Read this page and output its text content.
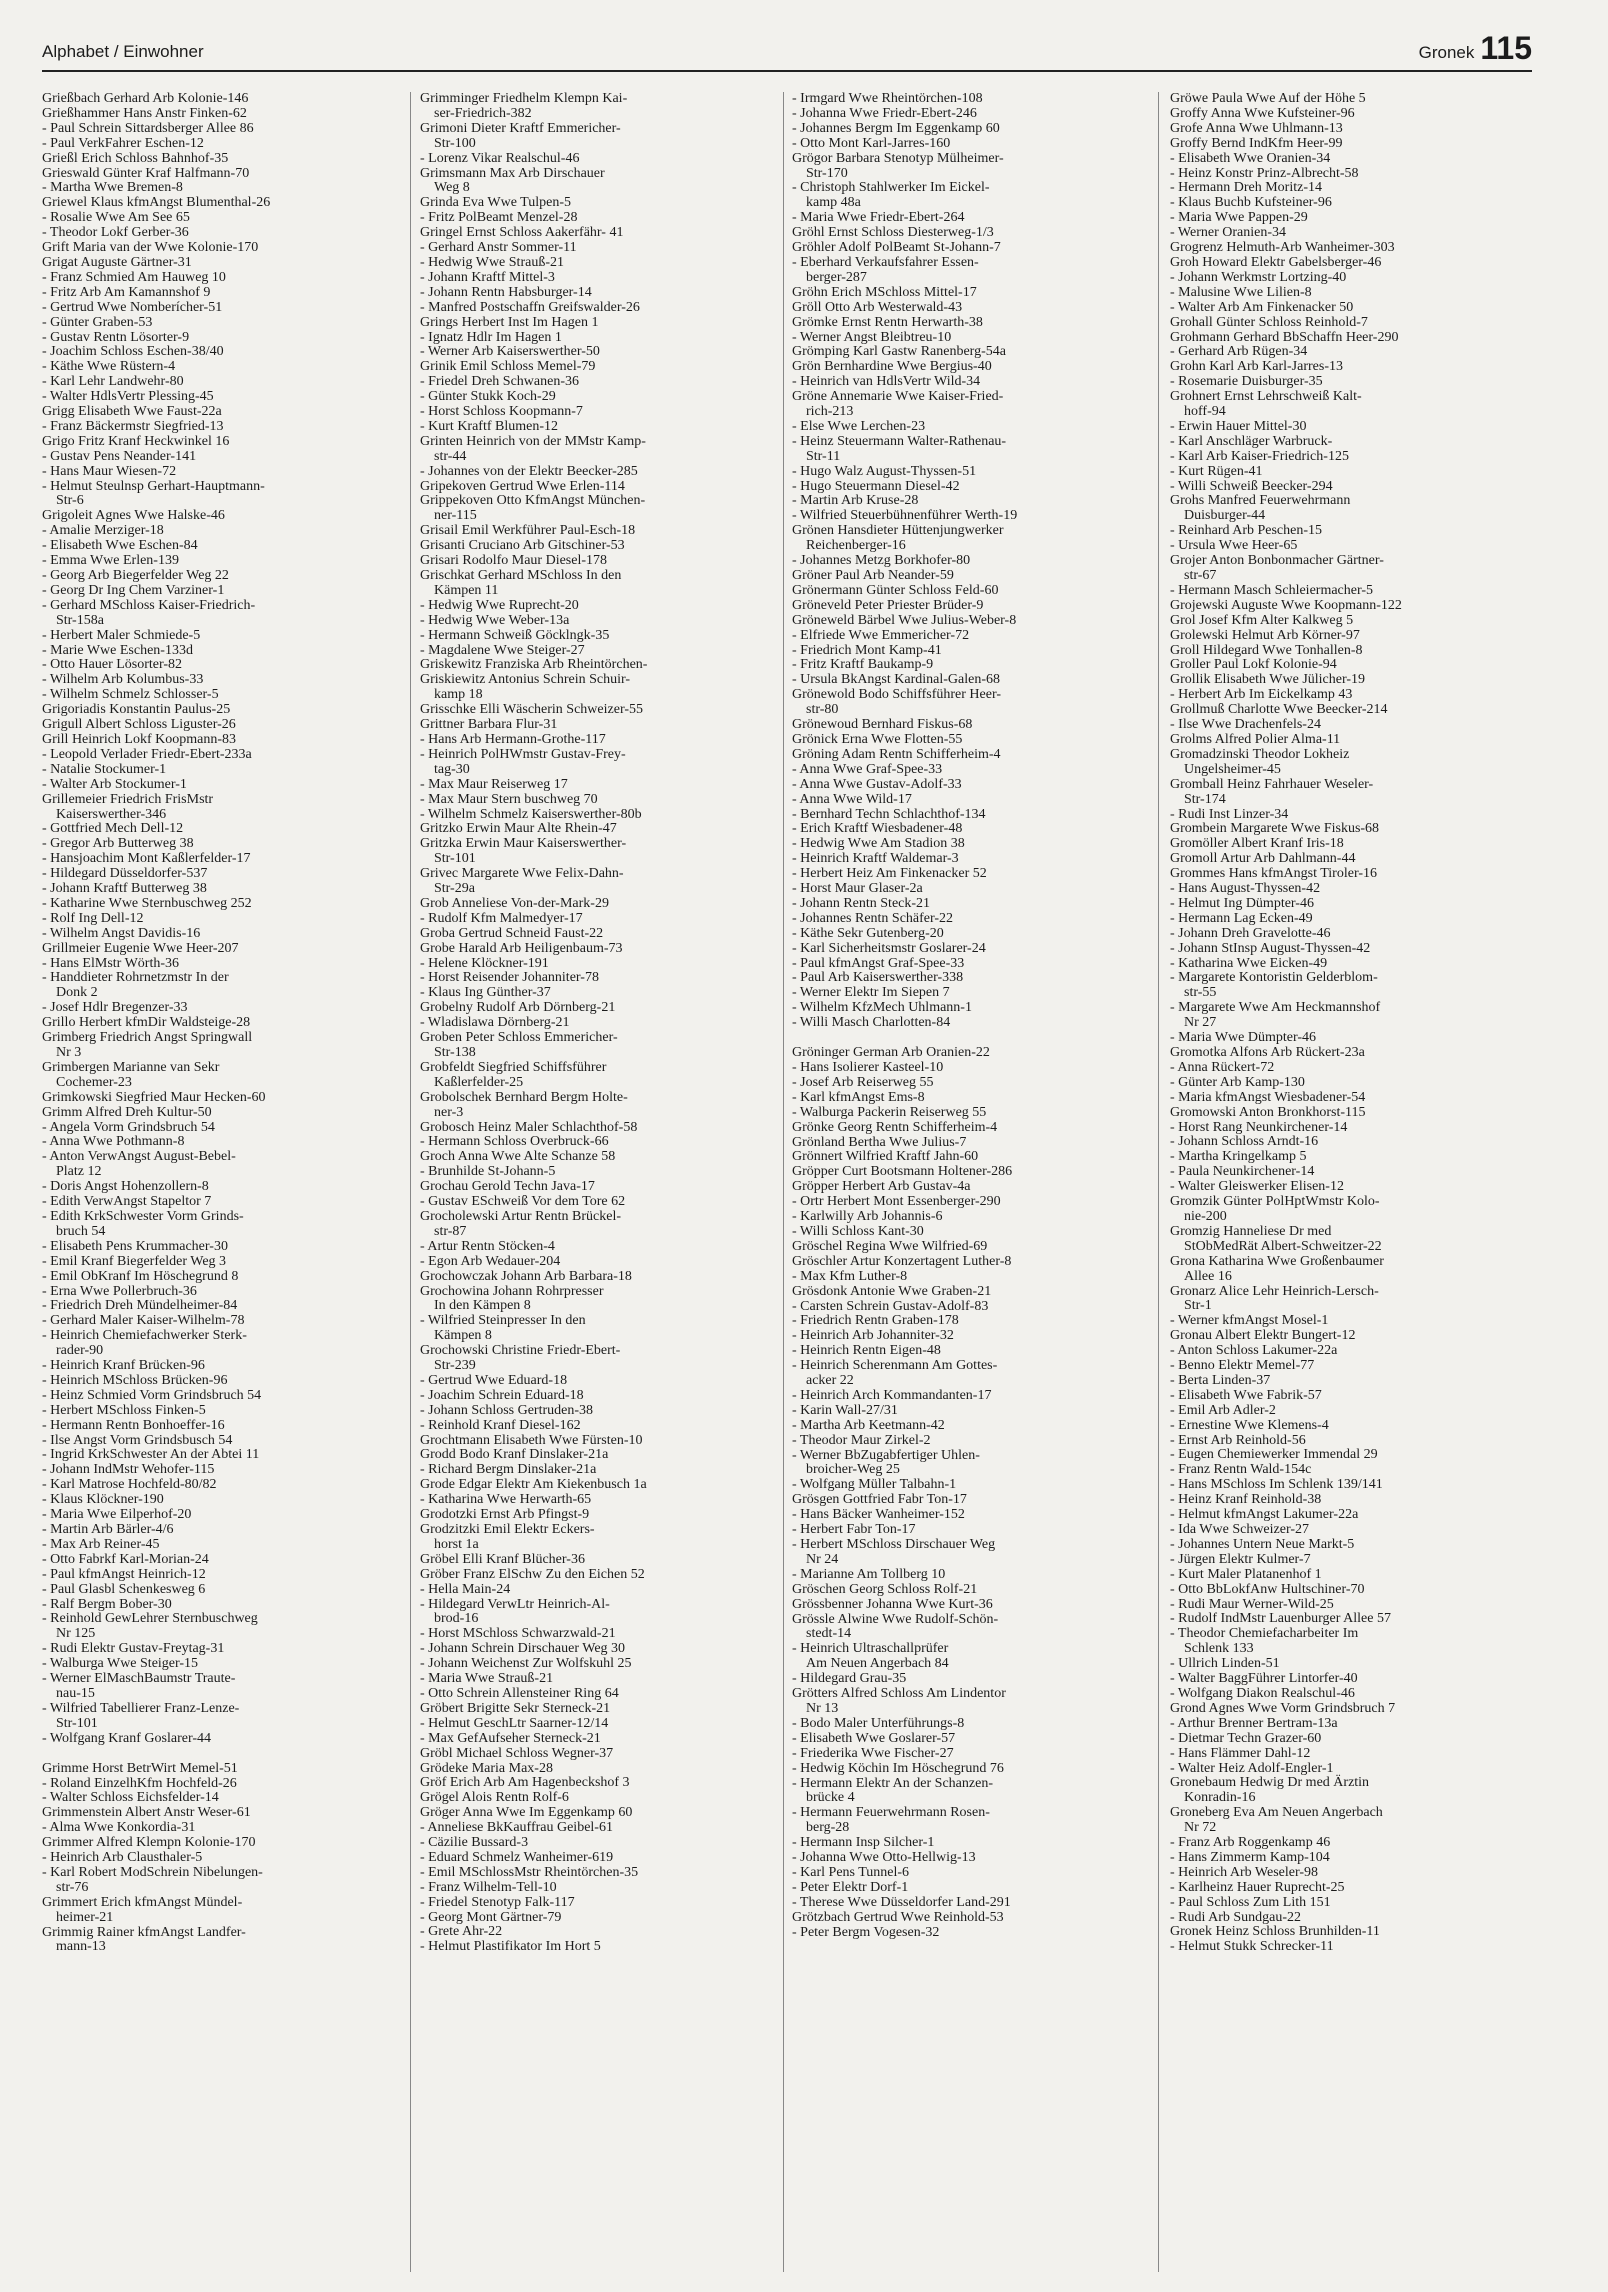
Alphabet / Einwohner	Gronek 115
Grießbach Gerhard Arb Kolonie-146
Grießhammer Hans Anstr Finken-62
- Paul Schrein Sittardsberger Allee 86
- Paul VerkFahrer Eschen-12
Grießl Erich Schloss Bahnhof-35
Grieswald Günter Kraf Halfmann-70
- Martha Wwe Bremen-8
Griewel Klaus kfmAngst Blumenthal-26
- Rosalie Wwe Am See 65
- Theodor Lokf Gerber-36
Grift Maria van der Wwe Kolonie-170
Grigat Auguste Gärtner-31
- Franz Schmied Am Hauweg 10
- Fritz Arb Am Kamannshof 9
- Gertrud Wwe Nomberícher-51
- Günter Graben-53
- Gustav Rentn Lösorter-9
- Joachim Schloss Eschen-38/40
- Käthe Wwe Rüstern-4
- Karl Lehr Landwehr-80
- Walter HdlsVertr Plessing-45
Grigg Elisabeth Wwe Faust-22a
- Franz Bäckermstr Siegfried-13
Grigo Fritz Kranf Heckwinkel 16
- Gustav Pens Neander-141
- Hans Maur Wiesen-72
- Helmut Steulnsp Gerhart-Hauptmann-
Str-6
Grigoleit Agnes Wwe Halske-46
- Amalie Merziger-18
- Elisabeth Wwe Eschen-84
- Emma Wwe Erlen-139
- Georg Arb Biegerfelder Weg 22
- Georg Dr Ing Chem Varziner-1
- Gerhard MSchloss Kaiser-Friedrich-
Str-158a
- Herbert Maler Schmiede-5
- Marie Wwe Eschen-133d
- Otto Hauer Lösorter-82
- Wilhelm Arb Kolumbus-33
- Wilhelm Schmelz Schlosser-5
Grigoriadis Konstantin Paulus-25
Grigull Albert Schloss Liguster-26
Grill Heinrich Lokf Koopmann-83
- Leopold Verlader Friedr-Ebert-233a
- Natalie Stockumer-1
- Walter Arb Stockumer-1
Grillemeier Friedrich FrisMstr
Kaiserswerther-346
- Gottfried Mech Dell-12
- Gregor Arb Butterweg 38
- Hansjoachim Mont Kaßlerfelder-17
- Hildegard Düsseldorfer-537
- Johann Kraftf Butterweg 38
- Katharine Wwe Sternbuschweg 252
- Rolf Ing Dell-12
- Wilhelm Angst Davidis-16
Grillmeier Eugenie Wwe Heer-207
- Hans ElMstr Wörth-36
- Handdieter Rohrnetzmstr In der
Donk 2
- Josef Hdlr Bregenzer-33
Grillo Herbert kfmDir Waldsteige-28
Grimberg Friedrich Angst Springwall
Nr 3
Grimbergen Marianne van Sekr
Cochemer-23
Grimkowski Siegfried Maur Hecken-60
Grimm Alfred Dreh Kultur-50
- Angela Vorm Grindsbruch 54
- Anna Wwe Pothmann-8
- Anton VerwAngst August-Bebel-
Platz 12
- Doris Angst Hohenzollern-8
- Edith VerwAngst Stapeltor 7
- Edith KrkSchwester Vorm Grinds-
bruch 54
- Elisabeth Pens Krummacher-30
- Emil Kranf Biegerfelder Weg 3
- Emil ObKranf Im Höschegrund 8
- Erna Wwe Pollerbruch-36
- Friedrich Dreh Mündelheimer-84
- Gerhard Maler Kaiser-Wilhelm-78
- Heinrich Chemiefachwerker Sterk-
rader-90
- Heinrich Kranf Brücken-96
- Heinrich MSchloss Brücken-96
- Heinz Schmied Vorm Grindsbruch 54
- Herbert MSchloss Finken-5
- Hermann Rentn Bonhoeffer-16
- Ilse Angst Vorm Grindsbusch 54
- Ingrid KrkSchwester An der Abtei 11
- Johann IndMstr Wehofer-115
- Karl Matrose Hochfeld-80/82
- Klaus Klöckner-190
- Maria Wwe Eilperhof-20
- Martin Arb Bärler-4/6
- Max Arb Reiner-45
- Otto Fabrkf Karl-Morian-24
- Paul kfmAngst Heinrich-12
- Paul Glasbl Schenkesweg 6
- Ralf Bergm Bober-30
- Reinhold GewLehrer Sternbuschweg
Nr 125
- Rudi Elektr Gustav-Freytag-31
- Walburga Wwe Steiger-15
- Werner ElMaschBaumstr Traute-
nau-15
- Wilfried Tabellierer Franz-Lenze-
Str-101
- Wolfgang Kranf Goslarer-44
Grimme Horst BetrWirt Memel-51
- Roland EinzelhKfm Hochfeld-26
- Walter Schloss Eichsfelder-14
Grimmenstein Albert Anstr Weser-61
- Alma Wwe Konkordia-31
Grimmer Alfred Klempn Kolonie-170
- Heinrich Arb Clausthaler-5
- Karl Robert ModSchrein Nibelungen-
str-76
Grimmert Erich kfmAngst Mündel-
heimer-21
Grimmig Rainer kfmAngst Landfer-
mann-13
Grimminger Friedhelm Klempn Kai-
ser-Friedrich-382
Grimoni Dieter Kraftf Emmericher-
Str-100
- Lorenz Vikar Realschul-46
Grimsmann Max Arb Dirschauer
Weg 8
Grinda Eva Wwe Tulpen-5
- Fritz PolBeamt Menzel-28
Gringel Ernst Schloss Aakerfähr- 41
- Gerhard Anstr Sommer-11
- Hedwig Wwe Strauß-21
- Johann Kraftf Mittel-3
- Johann Rentn Habsburger-14
- Manfred Postschaffn Greifswalder-26
Grings Herbert Inst Im Hagen 1
- Ignatz Hdlr Im Hagen 1
- Werner Arb Kaiserswerther-50
Grinik Emil Schloss Memel-79
- Friedel Dreh Schwanen-36
- Günter Stukk Koch-29
- Horst Schloss Koopmann-7
- Kurt Kraftf Blumen-12
Grinten Heinrich von der MMstr Kamp-
str-44
- Johannes von der Elektr Beecker-285
Gripekoven Gertrud Wwe Erlen-114
Grippekoven Otto KfmAngst München-
ner-115
Grisail Emil Werkführer Paul-Esch-18
Grisanti Cruciano Arb Gitschiner-53
Grisari Rodolfo Maur Diesel-178
Grischkat Gerhard MSchloss In den
Kämpen 11
- Hedwig Wwe Ruprecht-20
- Hedwig Wwe Weber-13a
- Hermann Schweiß Göcklngk-35
- Magdalene Wwe Steiger-27
Griskewitz Franziska Arb Rheintörchen-
Griskiewitz Antonius Schrein Schuir-
kamp 18
Grisschke Elli Wäscherin Schweizer-55
Grittner Barbara Flur-31
- Hans Arb Hermann-Grothe-117
- Heinrich PolHWmstr Gustav-Frey-
tag-30
- Max Maur Reiserweg 17
- Max Maur Stern buschweg 70
- Wilhelm Schmelz Kaiserswerther-80b
Gritzko Erwin Maur Alte Rhein-47
Gritzka Erwin Maur Kaiserswerther-
Str-101
Grivec Margarete Wwe Felix-Dahn-
Str-29a
Grob Anneliese Von-der-Mark-29
- Rudolf Kfm Malmedyer-17
Groba Gertrud Schneid Faust-22
Grobe Harald Arb Heiligenbaum-73
- Helene Klöckner-191
- Horst Reisender Johanniter-78
- Klaus Ing Günther-37
Grobelny Rudolf Arb Dörnberg-21
- Wladislawa Dörnberg-21
Groben Peter Schloss Emmericher-
Str-138
Grobfeldt Siegfried Schiffsführer
Kaßlerfelder-25
Grobolschek Bernhard Bergm Holte-
ner-3
Grobosch Heinz Maler Schlachthof-58
- Hermann Schloss Overbruck-66
Groch Anna Wwe Alte Schanze 58
- Brunhilde St-Johann-5
Grochau Gerold Techn Java-17
- Gustav ESchweiß Vor dem Tore 62
Grocholewski Artur Rentn Brückel-
str-87
- Artur Rentn Stöcken-4
- Egon Arb Wedauer-204
Grochowczak Johann Arb Barbara-18
Grochowina Johann Rohrpresser
In den Kämpen 8
- Wilfried Steinpresser In den
Kämpen 8
Grochowski Christine Friedr-Ebert-
Str-239
- Gertrud Wwe Eduard-18
- Joachim Schrein Eduard-18
- Johann Schloss Gertruden-38
- Reinhold Kranf Diesel-162
Grochtmann Elisabeth Wwe Fürsten-10
Grodd Bodo Kranf Dinslaker-21a
- Richard Bergm Dinslaker-21a
Grode Edgar Elektr Am Kiekenbusch 1a
- Katharina Wwe Herwarth-65
Grodotzki Ernst Arb Pfingst-9
Grodzitzki Emil Elektr Eckers-
horst 1a
Gröbel Elli Kranf Blücher-36
Gröber Franz ElSchw Zu den Eichen 52
- Hella Main-24
- Hildegard VerwLtr Heinrich-Al-
brod-16
- Horst MSchloss Schwarzwald-21
- Johann Schrein Dirschauer Weg 30
- Johann Weichenst Zur Wolfskuhl 25
- Maria Wwe Strauß-21
- Otto Schrein Allensteiner Ring 64
Gröbert Brigitte Sekr Sterneck-21
- Helmut GeschLtr Saarner-12/14
- Max GefAufseher Sterneck-21
Gröbl Michael Schloss Wegner-37
Grödeke Maria Max-28
Gröf Erich Arb Am Hagenbeckshof 3
Grögel Alois Rentn Rolf-6
Gröger Anna Wwe Im Eggenkamp 60
- Anneliese BkKauffrau Geibel-61
- Cäzilie Bussard-3
- Eduard Schmelz Wanheimer-619
- Emil MSchlossMstr Rheintörchen-35
- Franz Wilhelm-Tell-10
- Friedel Stenotyp Falk-117
- Georg Mont Gärtner-79
- Grete Ahr-22
- Helmut Plastifikator Im Hort 5
- Irmgard Wwe Rheintörchen-108
- Johanna Wwe Friedr-Ebert-246
- Johannes Bergm Im Eggenkamp 60
- Otto Mont Karl-Jarres-160
Grögor Barbara Stenotyp Mülheimer-
Str-170
- Christoph Stahlwerker Im Eickel-
kamp 48a
- Maria Wwe Friedr-Ebert-264
Gröhl Ernst Schloss Diesterweg-1/3
Gröhler Adolf PolBeamt St-Johann-7
- Eberhard Verkaufsfahrer Essen-
berger-287
Gröhn Erich MSchloss Mittel-17
Gröll Otto Arb Westerwald-43
Grömke Ernst Rentn Herwarth-38
- Werner Angst Bleibtreu-10
Grömping Karl Gastw Ranenberg-54a
Grön Bernhardine Wwe Bergius-40
- Heinrich van HdlsVertr Wild-34
Gröne Annemarie Wwe Kaiser-Fried-
rich-213
- Else Wwe Lerchen-23
- Heinz Steuermann Walter-Rathenau-
Str-11
- Hugo Walz August-Thyssen-51
- Hugo Steuermann Diesel-42
- Martin Arb Kruse-28
- Wilfried Steuerbühnenführer Werth-19
Grönen Hansdieter Hüttenjungwerker
Reichenberger-16
- Johannes Metzg Borkhofer-80
Gröner Paul Arb Neander-59
Grönermann Günter Schloss Feld-60
Gröneveld Peter Priester Brüder-9
Gröneweld Bärbel Wwe Julius-Weber-8
- Elfriede Wwe Emmericher-72
- Friedrich Mont Kamp-41
- Fritz Kraftf Baukamp-9
- Ursula BkAngst Kardinal-Galen-68
Grönewold Bodo Schiffsführer Heer-
str-80
Grönewoud Bernhard Fiskus-68
Grönick Erna Wwe Flotten-55
Gröning Adam Rentn Schifferheim-4
- Anna Wwe Graf-Spee-33
- Anna Wwe Gustav-Adolf-33
- Anna Wwe Wild-17
- Bernhard Techn Schlachthof-134
- Erich Kraftf Wiesbadener-48
- Hedwig Wwe Am Stadion 38
- Heinrich Kraftf Waldemar-3
- Herbert Heiz Am Finkenacker 52
- Horst Maur Glaser-2a
- Johann Rentn Steck-21
- Johannes Rentn Schäfer-22
- Käthe Sekr Gutenberg-20
- Karl Sicherheitsmstr Goslarer-24
- Paul kfmAngst Graf-Spee-33
- Paul Arb Kaiserswerther-338
- Werner Elektr Im Siepen 7
- Wilhelm KfzMech Uhlmann-1
- Willi Masch Charlotten-84
Gröninger German Arb Oranien-22
- Hans Isolierer Kasteel-10
- Josef Arb Reiserweg 55
- Karl kfmAngst Ems-8
- Walburga Packerin Reiserweg 55
Grönke Georg Rentn Schifferheim-4
Grönland Bertha Wwe Julius-7
Grönnert Wilfried Kraftf Jahn-60
Gröpper Curt Bootsmann Holtener-286
Gröpper Herbert Arb Gustav-4a
- Ortr Herbert Mont Essenberger-290
- Karlwilly Arb Johannis-6
- Willi Schloss Kant-30
Gröschel Regina Wwe Wilfried-69
Gröschler Artur Konzertagent Luther-8
- Max Kfm Luther-8
Grösdonk Antonie Wwe Graben-21
- Carsten Schrein Gustav-Adolf-83
- Friedrich Rentn Graben-178
- Heinrich Arb Johanniter-32
- Heinrich Rentn Eigen-48
- Heinrich Scherenmann Am Gottes-
acker 22
- Heinrich Arch Kommandanten-17
- Karin Wall-27/31
- Martha Arb Keetmann-42
- Theodor Maur Zirkel-2
- Werner BbZugabfertiger Uhlen-
broicher-Weg 25
- Wolfgang Müller Talbahn-1
Grösgen Gottfried Fabr Ton-17
- Hans Bäcker Wanheimer-152
- Herbert Fabr Ton-17
- Herbert MSchloss Dirschauer Weg
Nr 24
- Marianne Am Tollberg 10
Gröschen Georg Schloss Rolf-21
Grössbenner Johanna Wwe Kurt-36
Grössle Alwine Wwe Rudolf-Schön-
stedt-14
- Heinrich Ultraschallprüfer
Am Neuen Angerbach 84
- Hildegard Grau-35
Grötters Alfred Schloss Am Lindentor
Nr 13
- Bodo Maler Unterführungs-8
- Elisabeth Wwe Goslarer-57
- Friederika Wwe Fischer-27
- Hedwig Köchin Im Höschegrund 76
- Hermann Elektr An der Schanzen-
brücke 4
- Hermann Feuerwehrmann Rosen-
berg-28
- Hermann Insp Silcher-1
- Johanna Wwe Otto-Hellwig-13
- Karl Pens Tunnel-6
- Peter Elektr Dorf-1
- Therese Wwe Düsseldorfer Land-291
Grötzbach Gertrud Wwe Reinhold-53
- Peter Bergm Vogesen-32
Gröwe Paula Wwe Auf der Höhe 5
Groffy Anna Wwe Kufsteiner-96
Grofe Anna Wwe Uhlmann-13
Groffy Bernd IndKfm Heer-99
- Elisabeth Wwe Oranien-34
- Heinz Konstr Prinz-Albrecht-58
- Hermann Dreh Moritz-14
- Klaus Buchb Kufsteiner-96
- Maria Wwe Pappen-29
- Werner Oranien-34
Grogrenz Helmuth-Arb Wanheimer-303
Groh Howard Elektr Gabelsberger-46
- Johann Werkmstr Lortzing-40
- Malusine Wwe Lilien-8
- Walter Arb Am Finkenacker 50
Grohall Günter Schloss Reinhold-7
Grohmann Gerhard BbSchaffn Heer-290
- Gerhard Arb Rügen-34
Grohn Karl Arb Karl-Jarres-13
- Rosemarie Duisburger-35
Grohnert Ernst Lehrschweiß Kalt-
hoff-94
- Erwin Hauer Mittel-30
- Karl Anschläger Warbruck-
- Karl Arb Kaiser-Friedrich-125
- Kurt Rügen-41
- Willi Schweiß Beecker-294
Grohs Manfred Feuerwehrmann
Duisburger-44
- Reinhard Arb Peschen-15
- Ursula Wwe Heer-65
Grojer Anton Bonbonmacher Gärtner-
str-67
- Hermann Masch Schleiermacher-5
Grojewski Auguste Wwe Koopmann-122
Grol Josef Kfm Alter Kalkweg 5
Grolewski Helmut Arb Körner-97
Groll Hildegard Wwe Tonhallen-8
Groller Paul Lokf Kolonie-94
Grollik Elisabeth Wwe Jülicher-19
- Herbert Arb Im Eickelkamp 43
Grollmuß Charlotte Wwe Beecker-214
- Ilse Wwe Drachenfels-24
Grolms Alfred Polier Alma-11
Gromadzinski Theodor Lokheiz
Ungelsheimer-45
Gromball Heinz Fahrhauer Weseler-
Str-174
- Rudi Inst Linzer-34
Grombein Margarete Wwe Fiskus-68
Gromöller Albert Kranf Iris-18
Gromoll Artur Arb Dahlmann-44
Grommes Hans kfmAngst Tiroler-16
- Hans August-Thyssen-42
- Helmut Ing Dümpter-46
- Hermann Lag Ecken-49
- Johann Dreh Gravelotte-46
- Johann StInsp August-Thyssen-42
- Katharina Wwe Eicken-49
- Margarete Kontoristin Gelderblom-
str-55
- Margarete Wwe Am Heckmannshof
Nr 27
- Maria Wwe Dümpter-46
Gromotka Alfons Arb Rückert-23a
- Anna Rückert-72
- Günter Arb Kamp-130
- Maria kfmAngst Wiesbadener-54
Gromowski Anton Bronkhorst-115
- Horst Rang Neunkirchener-14
- Johann Schloss Arndt-16
- Martha Kringelkamp 5
- Paula Neunkirchener-14
- Walter Gleiswerker Elisen-12
Gromzik Günter PolHptWmstr Kolo-
nie-200
Gromzig Hanneliese Dr med
StObMedRät Albert-Schweitzer-22
Grona Katharina Wwe Großenbaumer
Allee 16
Gronarz Alice Lehr Heinrich-Lersch-
Str-1
- Werner kfmAngst Mosel-1
Gronau Albert Elektr Bungert-12
- Anton Schloss Lakumer-22a
- Benno Elektr Memel-77
- Berta Linden-37
- Elisabeth Wwe Fabrik-57
- Emil Arb Adler-2
- Ernestine Wwe Klemens-4
- Ernst Arb Reinhold-56
- Eugen Chemiewerker Immendal 29
- Franz Rentn Wald-154c
- Hans MSchloss Im Schlenk 139/141
- Heinz Kranf Reinhold-38
- Helmut kfmAngst Lakumer-22a
- Ida Wwe Schweizer-27
- Johannes Untern Neue Markt-5
- Jürgen Elektr Kulmer-7
- Kurt Maler Platanenhof 1
- Otto BbLokfAnw Hultschiner-70
- Rudi Maur Werner-Wild-25
- Rudolf IndMstr Lauenburger Allee 57
- Theodor Chemiefacharbeiter Im
Schlenk 133
- Ullrich Linden-51
- Walter BaggFührer Lintorfer-40
- Wolfgang Diakon Realschul-46
Grond Agnes Wwe Vorm Grindsbruch 7
- Arthur Brenner Bertram-13a
- Dietmar Techn Grazer-60
- Hans Flämmer Dahl-12
- Walter Heiz Adolf-Engler-1
Gronebaum Hedwig Dr med Ärztin
Konradin-16
Groneberg Eva Am Neuen Angerbach
Nr 72
- Franz Arb Roggenkamp 46
- Hans Zimmerm Kamp-104
- Heinrich Arb Weseler-98
- Karlheinz Hauer Ruprecht-25
- Paul Schloss Zum Lith 151
- Rudi Arb Sundgau-22
Gronek Heinz Schloss Brunhilden-11
- Helmut Stukk Schrecker-11
